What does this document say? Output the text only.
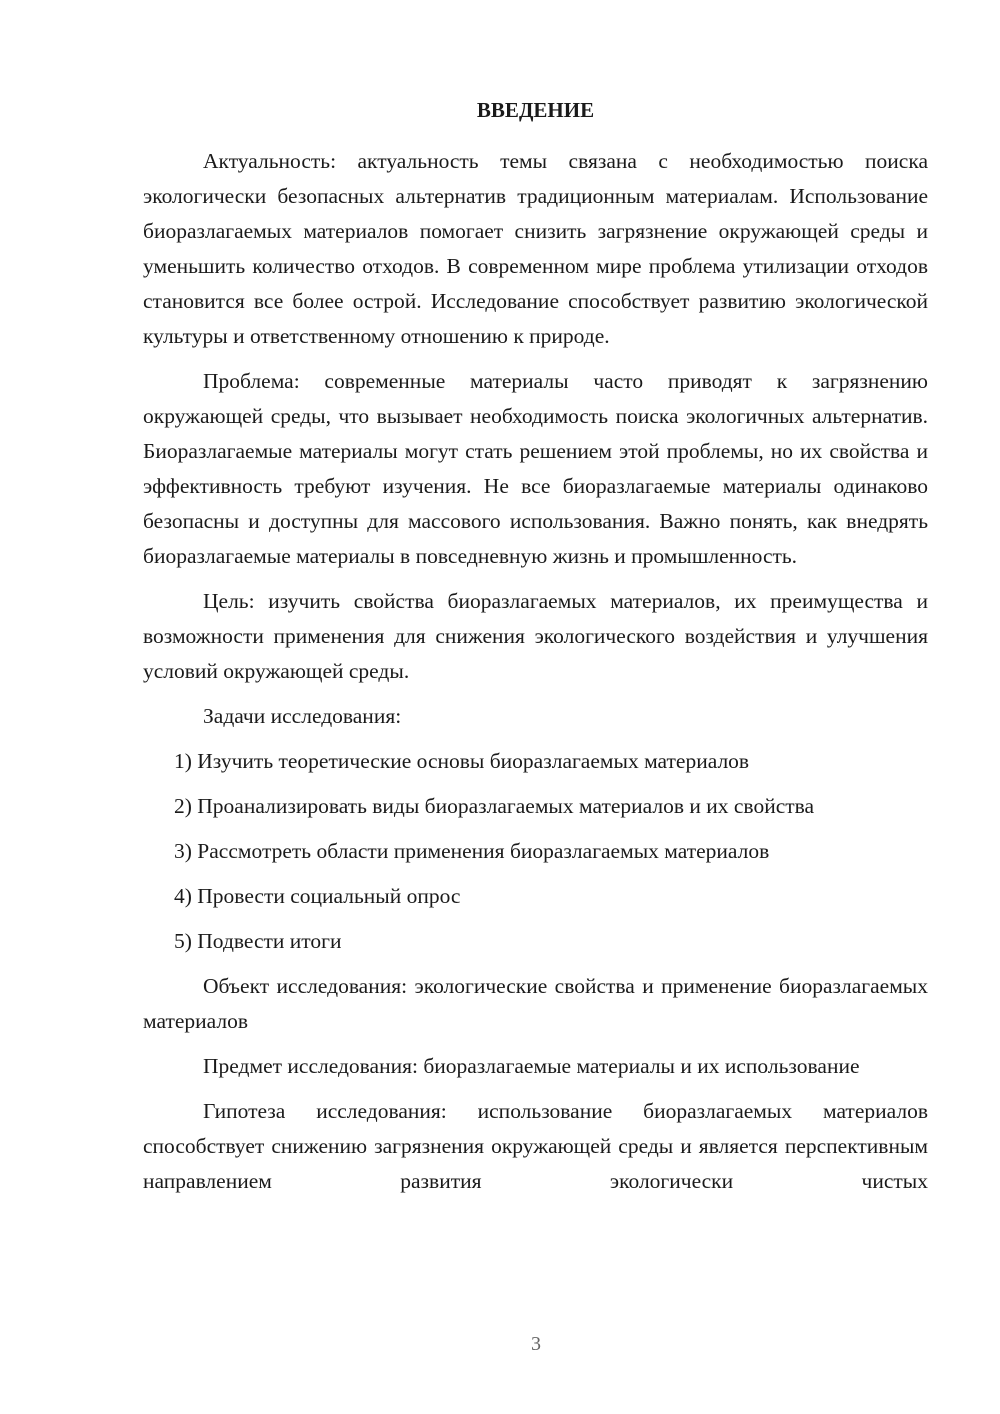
ВВЕДЕНИЕ

Актуальность: актуальность темы связана с необходимостью поиска экологически безопасных альтернатив традиционным материалам. Использование биоразлагаемых материалов помогает снизить загрязнение окружающей среды и уменьшить количество отходов. В современном мире проблема утилизации отходов становится все более острой. Исследование способствует развитию экологической культуры и ответственному отношению к природе.

Проблема: современные материалы часто приводят к загрязнению окружающей среды, что вызывает необходимость поиска экологичных альтернатив. Биоразлагаемые материалы могут стать решением этой проблемы, но их свойства и эффективность требуют изучения. Не все биоразлагаемые материалы одинаково безопасны и доступны для массового использования. Важно понять, как внедрять биоразлагаемые материалы в повседневную жизнь и промышленность.

Цель: изучить свойства биоразлагаемых материалов, их преимущества и возможности применения для снижения экологического воздействия и улучшения условий окружающей среды.

Задачи исследования:
1) Изучить теоретические основы биоразлагаемых материалов
2) Проанализировать виды биоразлагаемых материалов и их свойства
3) Рассмотреть области применения биоразлагаемых материалов
4) Провести социальный опрос
5) Подвести итоги

Объект исследования: экологические свойства и применение биоразлагаемых материалов

Предмет исследования: биоразлагаемые материалы и их использование

Гипотеза исследования: использование биоразлагаемых материалов способствует снижению загрязнения окружающей среды и является перспективным направлением развития экологически чистых

3
